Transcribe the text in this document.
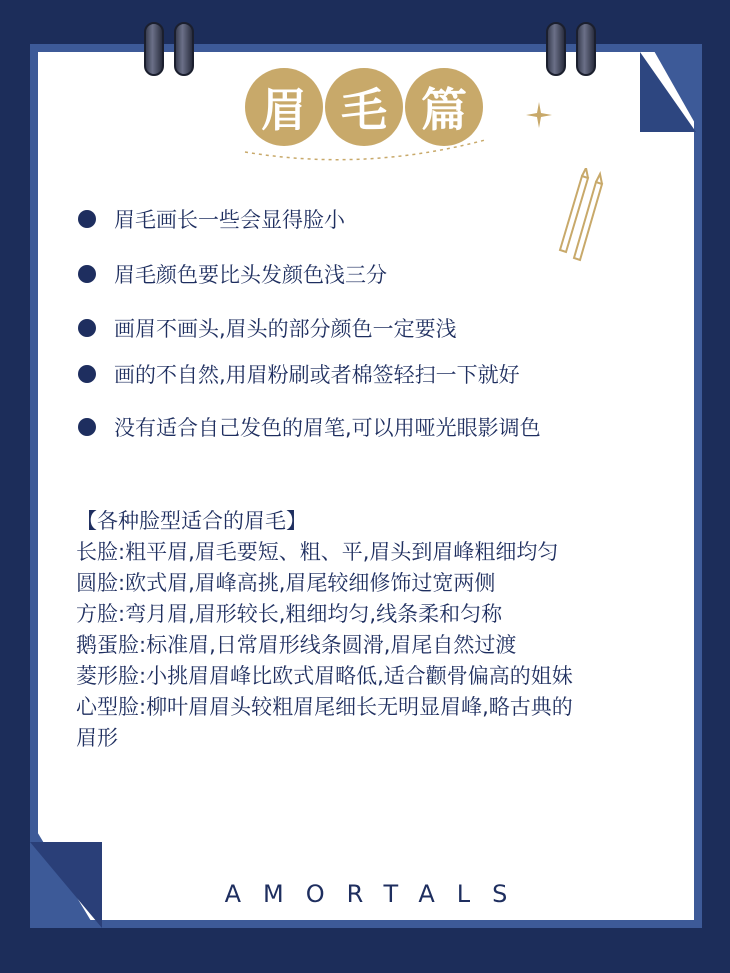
眉 毛 篇
眉毛画长一些会显得脸小
眉毛颜色要比头发颜色浅三分
画眉不画头,眉头的部分颜色一定要浅
画的不自然,用眉粉刷或者棉签轻扫一下就好
没有适合自己发色的眉笔,可以用哑光眼影调色
【各种脸型适合的眉毛】
长脸:粗平眉,眉毛要短、粗、平,眉头到眉峰粗细均匀
圆脸:欧式眉,眉峰高挑,眉尾较细修饰过宽两侧
方脸:弯月眉,眉形较长,粗细均匀,线条柔和匀称
鹅蛋脸:标准眉,日常眉形线条圆滑,眉尾自然过渡
菱形脸:小挑眉眉峰比欧式眉略低,适合颧骨偏高的姐妹
心型脸:柳叶眉眉头较粗眉尾细长无明显眉峰,略古典的
眉形
AMORTALS
